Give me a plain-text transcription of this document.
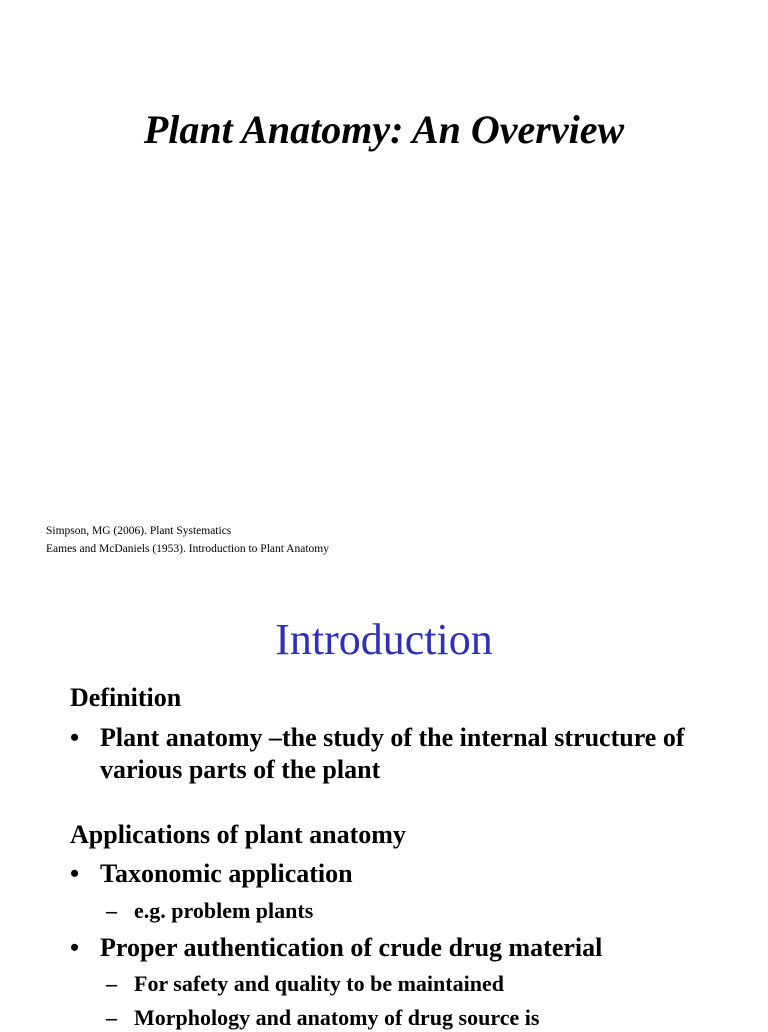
Plant Anatomy: An Overview
Simpson, MG (2006). Plant Systematics
Eames and McDaniels (1953). Introduction to Plant Anatomy
Introduction
Definition
• Plant anatomy –the study of the internal structure of various parts of the plant
Applications of plant anatomy
• Taxonomic application
– e.g. problem plants
• Proper authentication of crude drug material
– For safety and quality to be maintained
– Morphology and anatomy of drug source is
